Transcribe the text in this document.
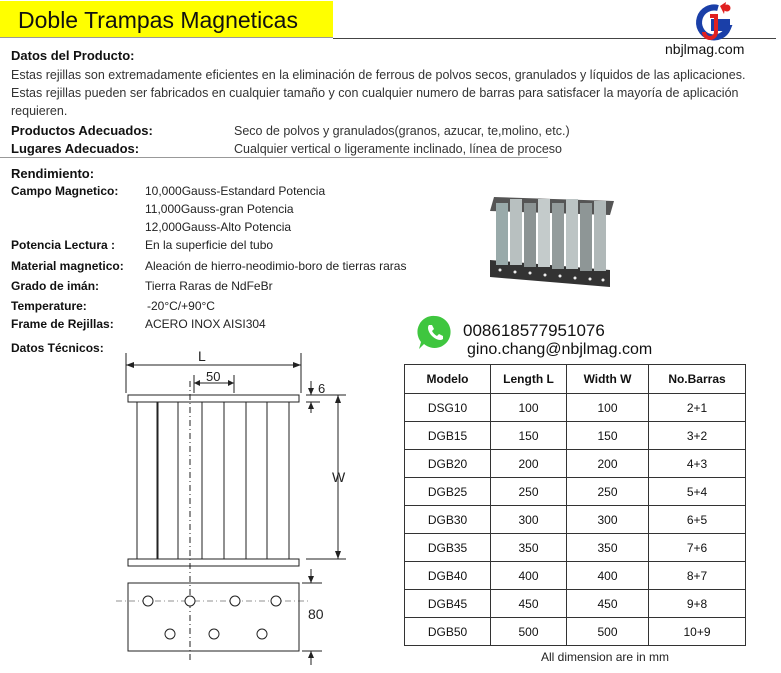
Doble Trampas Magneticas
nbjlmag.com
Datos del Producto:
Estas rejillas son extremadamente eficientes en la eliminación de ferrous de polvos secos, granulados y líquidos de las aplicaciones.
Estas rejillas pueden ser fabricados en cualquier tamaño y con cualquier numero de barras para satisfacer la mayoría de aplicación
requieren.
Productos Adecuados:	Seco de polvos y granulados(granos, azucar, te,molino, etc.)
Lugares Adecuados:	Cualquier vertical o ligeramente inclinado, línea de proceso
Rendimiento:
Campo Magnetico: 10,000Gauss-Estandard Potencia
11,000Gauss-gran Potencia
12,000Gauss-Alto Potencia
Potencia Lectura : En la superficie del tubo
Material magnetico: Aleación de hierro-neodimio-boro de tierras raras
Grado de imán:	Tierra Raras de NdFeBr
Temperature:	-20°C/+90°C
Frame de Rejillas:	ACERO INOX AISI304
Datos Técnicos:
008618577951076
gino.chang@nbjlmag.com
L
50
6
W
80
Modelo	Length L	Width W	No.Barras
DSG10	100	100	2+1
DGB15	150	150	3+2
DGB20	200	200	4+3
DGB25	250	250	5+4
DGB30	300	300	6+5
DGB35	350	350	7+6
DGB40	400	400	8+7
DGB45	450	450	9+8
DGB50	500	500	10+9
All dimension are in mm
